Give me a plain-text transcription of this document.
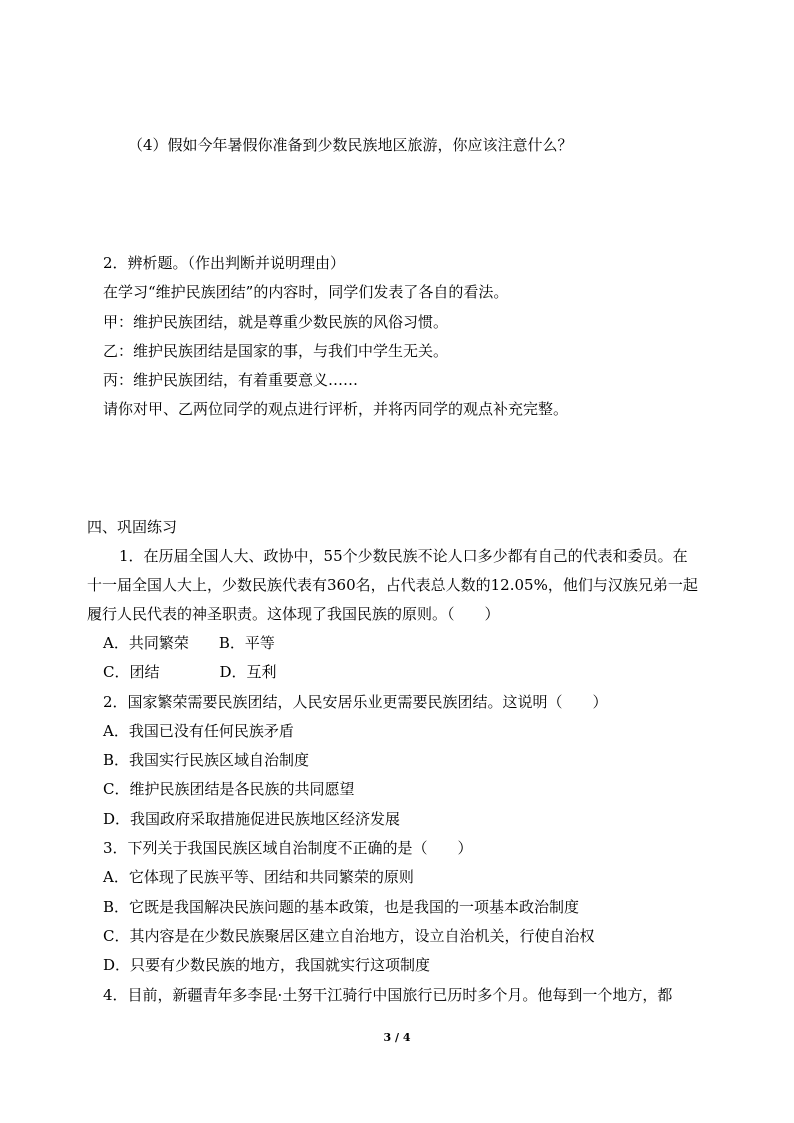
（4）假如今年暑假你准备到少数民族地区旅游，你应该注意什么？
2．辨析题。（作出判断并说明理由）
在学习“维护民族团结”的内容时，同学们发表了各自的看法。
甲：维护民族团结，就是尊重少数民族的风俗习惯。
乙：维护民族团结是国家的事，与我们中学生无关。
丙：维护民族团结，有着重要意义……
请你对甲、乙两位同学的观点进行评析，并将丙同学的观点补充完整。
四、巩固练习
1．在历届全国人大、政协中，55个少数民族不论人口多少都有自己的代表和委员。在
十一届全国人大上，少数民族代表有360名，占代表总人数的12.05%，他们与汉族兄弟一起
履行人民代表的神圣职责。这体现了我国民族的原则。（　　）
A．共同繁荣　　B．平等
C．团结　　　　D．互利
2．国家繁荣需要民族团结，人民安居乐业更需要民族团结。这说明（　　）
A．我国已没有任何民族矛盾
B．我国实行民族区域自治制度
C．维护民族团结是各民族的共同愿望
D．我国政府采取措施促进民族地区经济发展
3．下列关于我国民族区域自治制度不正确的是（　　）
A．它体现了民族平等、团结和共同繁荣的原则
B．它既是我国解决民族问题的基本政策，也是我国的一项基本政治制度
C．其内容是在少数民族聚居区建立自治地方，设立自治机关，行使自治权
D．只要有少数民族的地方，我国就实行这项制度
4．目前，新疆青年多李昆·土努干江骑行中国旅行已历时多个月。他每到一个地方，都
3 / 4
